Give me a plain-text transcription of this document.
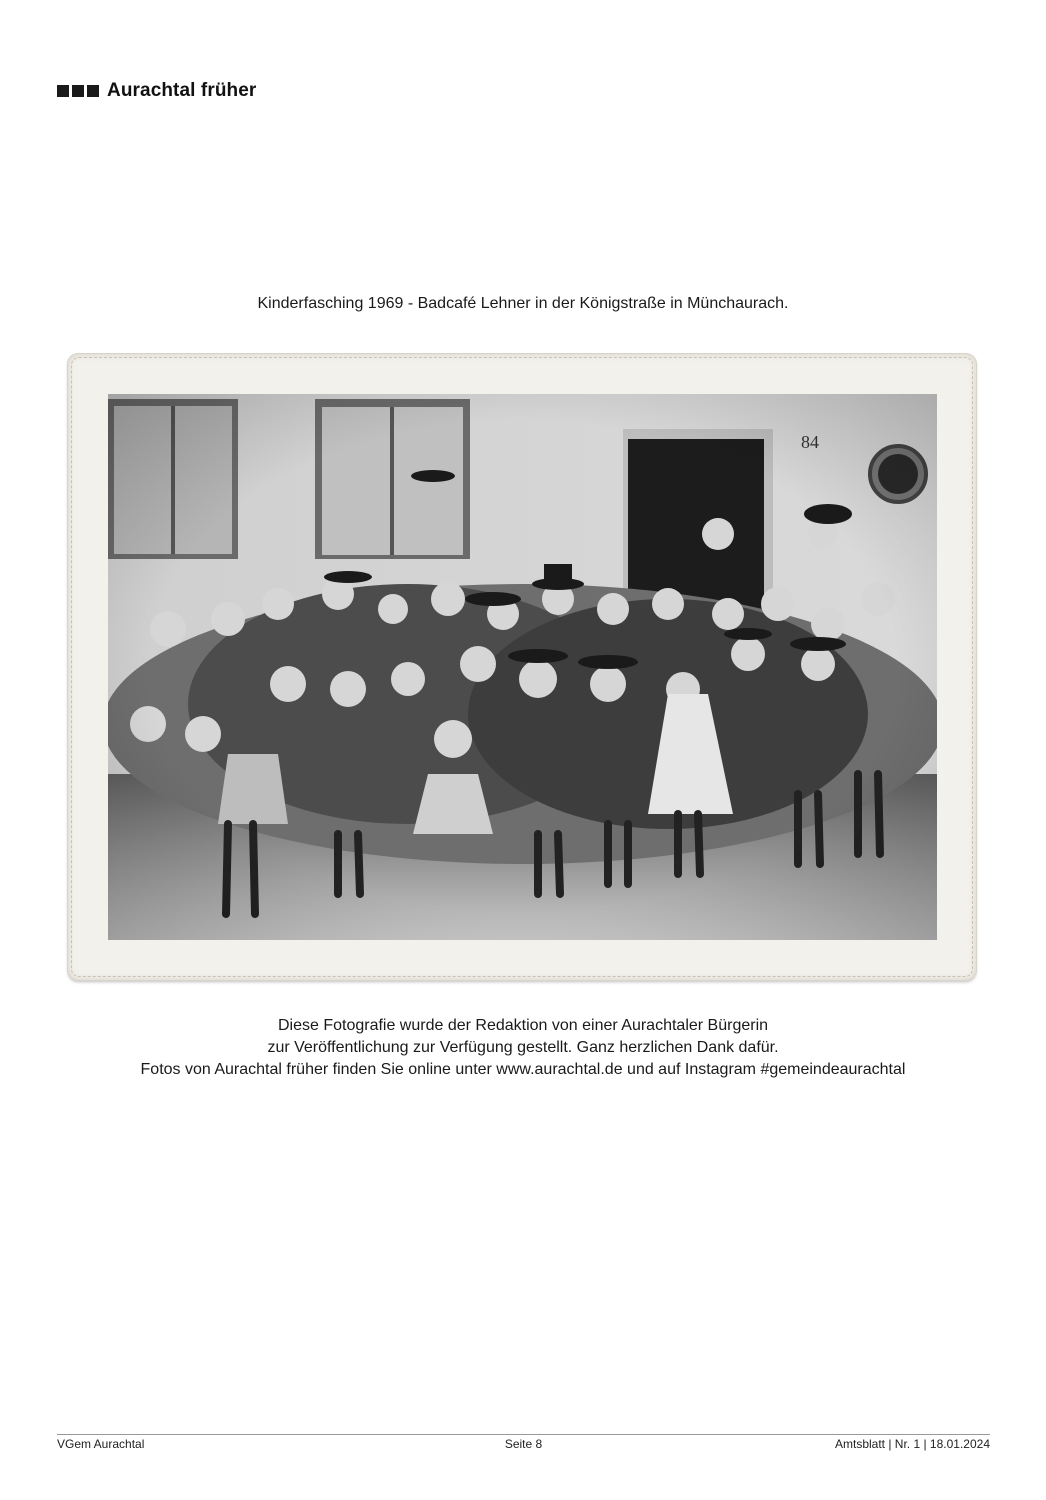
Aurachtal früher
Kinderfasching 1969 - Badcafé Lehner in der Königstraße in Münchaurach.
Diese Fotografie wurde der Redaktion von einer Aurachtaler Bürgerin
zur Veröffentlichung zur Verfügung gestellt. Ganz herzlichen Dank dafür.
Fotos von Aurachtal früher finden Sie online unter www.aurachtal.de und auf Instagram #gemeindeaurachtal
VGem Aurachtal	Seite 8	Amtsblatt | Nr. 1 | 18.01.2024
